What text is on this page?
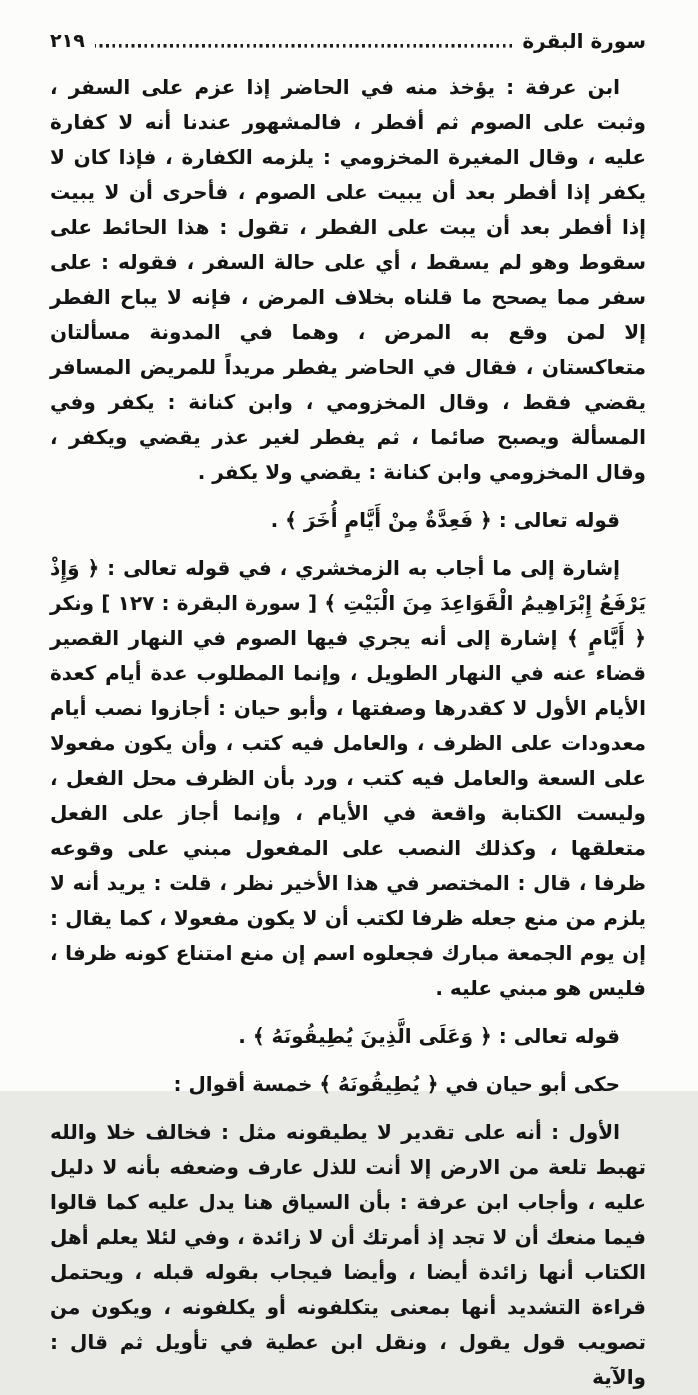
سورة البقرة
٢١٩

ابن عرفة : يؤخذ منه في الحاضر إذا عزم على السفر ، وثبت على الصوم ثم أفطر ، فالمشهور عندنا أنه لا كفارة عليه ، وقال المغيرة المخزومي : يلزمه الكفارة ، فإذا كان لا يكفر إذا أفطر بعد أن يبيت على الصوم ، فأحرى أن لا يبيت إذا أفطر بعد أن يبت على الفطر ، تقول : هذا الحائط على سقوط وهو لم يسقط ، أي على حالة السفر ، فقوله : على سفر مما يصحح ما قلناه بخلاف المرض ، فإنه لا يباح الفطر إلا لمن وقع به المرض ، وهما في المدونة مسألتان متعاكستان ، فقال في الحاضر يفطر مريداً للمريض المسافر يقضي فقط ، وقال المخزومي ، وابن كنانة : يكفر وفي المسألة ويصبح صائما ، ثم يفطر لغير عذر يقضي ويكفر ، وقال المخزومي وابن كنانة : يقضي ولا يكفر .

قوله تعالى : ﴿ فَعِدَّةٌ مِنْ أَيَّامٍ أُخَرَ ﴾ .

إشارة إلى ما أجاب به الزمخشري ، في قوله تعالى : ﴿ وَإِذْ يَرْفَعُ إِبْرَاهِيمُ الْقَوَاعِدَ مِنَ الْبَيْتِ ﴾ [ سورة البقرة : ١٢٧ ] ونكر ﴿ أَيَّامٍ ﴾ إشارة إلى أنه يجري فيها الصوم في النهار القصير قضاء عنه في النهار الطويل ، وإنما المطلوب عدة أيام كعدة الأيام الأول لا كقدرها وصفتها ، وأبو حيان : أجازوا نصب أيام معدودات على الظرف ، والعامل فيه كتب ، وأن يكون مفعولا على السعة والعامل فيه كتب ، ورد بأن الظرف محل الفعل ، وليست الكتابة واقعة في الأيام ، وإنما أجاز على الفعل متعلقها ، وكذلك النصب على المفعول مبني على وقوعه ظرفا ، قال : المختصر في هذا الأخير نظر ، قلت : يريد أنه لا يلزم من منع جعله ظرفا لكتب أن لا يكون مفعولا ، كما يقال : إن يوم الجمعة مبارك فجعلوه اسم إن منع امتناع كونه ظرفا ، فليس هو مبني عليه .

قوله تعالى : ﴿ وَعَلَى الَّذِينَ يُطِيقُونَهُ ﴾ .

حكى أبو حيان في ﴿ يُطِيقُونَهُ ﴾ خمسة أقوال :

الأول : أنه على تقدير لا يطيقونه مثل : فخالف خلا والله تهبط تلعة من الارض إلا أنت للذل عارف وضعفه بأنه لا دليل عليه ، وأجاب ابن عرفة : بأن السياق هنا يدل عليه كما قالوا فيما منعك أن لا تجد إذ أمرتك أن لا زائدة ، وفي لئلا يعلم أهل الكتاب أنها زائدة أيضا ، وأيضا فيجاب بقوله قبله ، ويحتمل قراءة التشديد أنها بمعنى يتكلفونه أو يكلفونه ، ويكون من تصويب قول يقول ، ونقل ابن عطية في تأويل ثم قال : والآية
